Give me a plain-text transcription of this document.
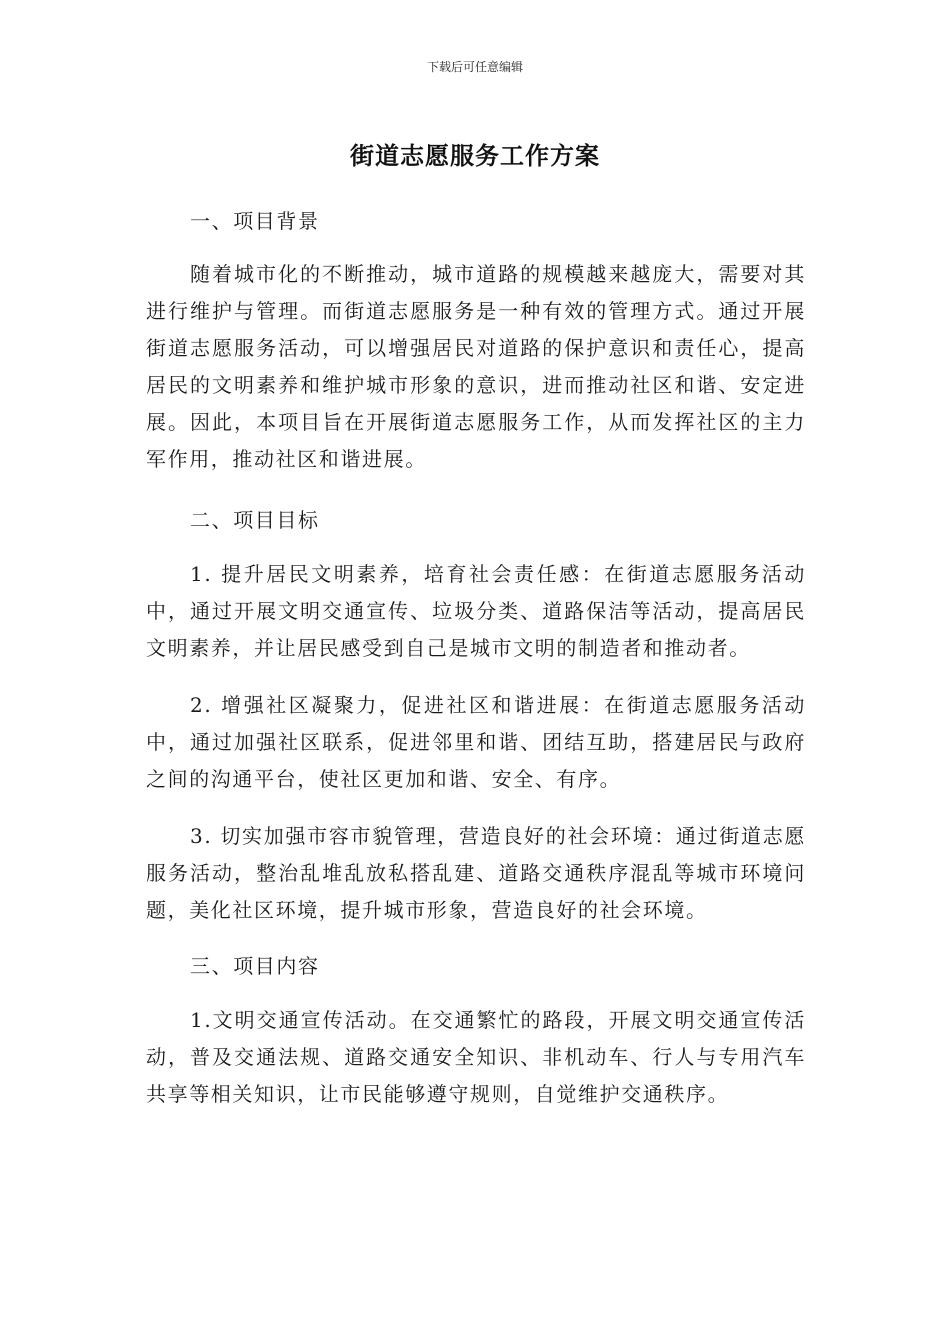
下载后可任意编辑
街道志愿服务工作方案
一、项目背景

随着城市化的不断推动，城市道路的规模越来越庞大，需要对其进行维护与管理。而街道志愿服务是一种有效的管理方式。通过开展街道志愿服务活动，可以增强居民对道路的保护意识和责任心，提高居民的文明素养和维护城市形象的意识，进而推动社区和谐、安定进展。因此，本项目旨在开展街道志愿服务工作，从而发挥社区的主力军作用，推动社区和谐进展。

二、项目目标

1. 提升居民文明素养，培育社会责任感：在街道志愿服务活动中，通过开展文明交通宣传、垃圾分类、道路保洁等活动，提高居民文明素养，并让居民感受到自己是城市文明的制造者和推动者。

2. 增强社区凝聚力，促进社区和谐进展：在街道志愿服务活动中，通过加强社区联系，促进邻里和谐、团结互助，搭建居民与政府之间的沟通平台，使社区更加和谐、安全、有序。

3. 切实加强市容市貌管理，营造良好的社会环境：通过街道志愿服务活动，整治乱堆乱放私搭乱建、道路交通秩序混乱等城市环境问题，美化社区环境，提升城市形象，营造良好的社会环境。

三、项目内容

1.文明交通宣传活动。在交通繁忙的路段，开展文明交通宣传活动，普及交通法规、道路交通安全知识、非机动车、行人与专用汽车共享等相关知识，让市民能够遵守规则，自觉维护交通秩序。
